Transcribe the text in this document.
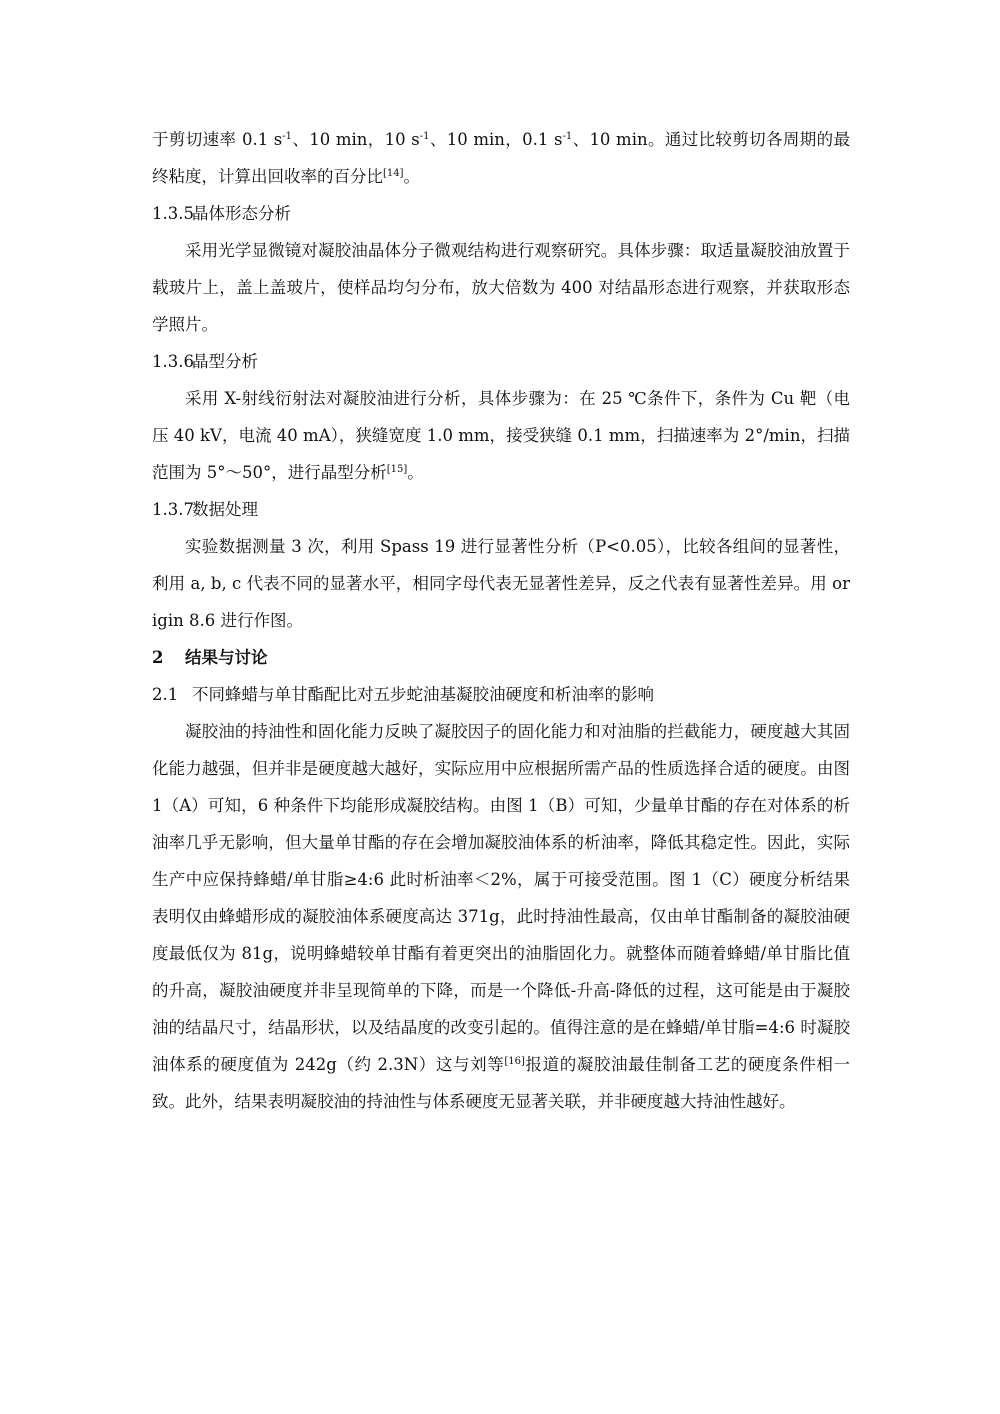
于剪切速率 0.1 $s^{-1}$、10 min，10 $s^{-1}$、10 min，0.1 $s^{-1}$、10 min。通过比较剪切各周期的最终粘度，计算出回收率的百分比[14]。

1.3.5晶体形态分析

采用光学显微镜对凝胶油晶体分子微观结构进行观察研究。具体步骤：取适量凝胶油放置于载玻片上，盖上盖玻片，使样品均匀分布，放大倍数为 400 对结晶形态进行观察，并获取形态学照片。

1.3.6晶型分析

采用 X-射线衍射法对凝胶油进行分析，具体步骤为：在 25 ℃条件下，条件为 Cu 靶（电压 40 kV，电流 40 mA），狭缝宽度 1.0 mm，接受狭缝 0.1 mm，扫描速率为 2°/min，扫描范围为 5°～50°，进行晶型分析[15]。

1.3.7数据处理

实验数据测量 3 次，利用 Spass 19 进行显著性分析（P<0.05），比较各组间的显著性，利用 a, b, c 代表不同的显著水平，相同字母代表无显著性差异，反之代表有显著性差异。用 origin 8.6 进行作图。

2 结果与讨论

2.1 不同蜂蜡与单甘酯配比对五步蛇油基凝胶油硬度和析油率的影响

凝胶油的持油性和固化能力反映了凝胶因子的固化能力和对油脂的拦截能力，硬度越大其固化能力越强，但并非是硬度越大越好，实际应用中应根据所需产品的性质选择合适的硬度。由图 1（A）可知，6 种条件下均能形成凝胶结构。由图 1（B）可知，少量单甘酯的存在对体系的析油率几乎无影响，但大量单甘酯的存在会增加凝胶油体系的析油率，降低其稳定性。因此，实际生产中应保持蜂蜡/单甘脂≥4:6 此时析油率＜2%，属于可接受范围。图 1（C）硬度分析结果表明仅由蜂蜡形成的凝胶油体系硬度高达 371g，此时持油性最高，仅由单甘酯制备的凝胶油硬度最低仅为 81g，说明蜂蜡较单甘酯有着更突出的油脂固化力。就整体而随着蜂蜡/单甘脂比值的升高，凝胶油硬度并非呈现简单的下降，而是一个降低-升高-降低的过程，这可能是由于凝胶油的结晶尺寸，结晶形状，以及结晶度的改变引起的。值得注意的是在蜂蜡/单甘脂=4:6 时凝胶油体系的硬度值为 242g（约 2.3N）这与刘等[16]报道的凝胶油最佳制备工艺的硬度条件相一致。此外，结果表明凝胶油的持油性与体系硬度无显著关联，并非硬度越大持油性越好。
